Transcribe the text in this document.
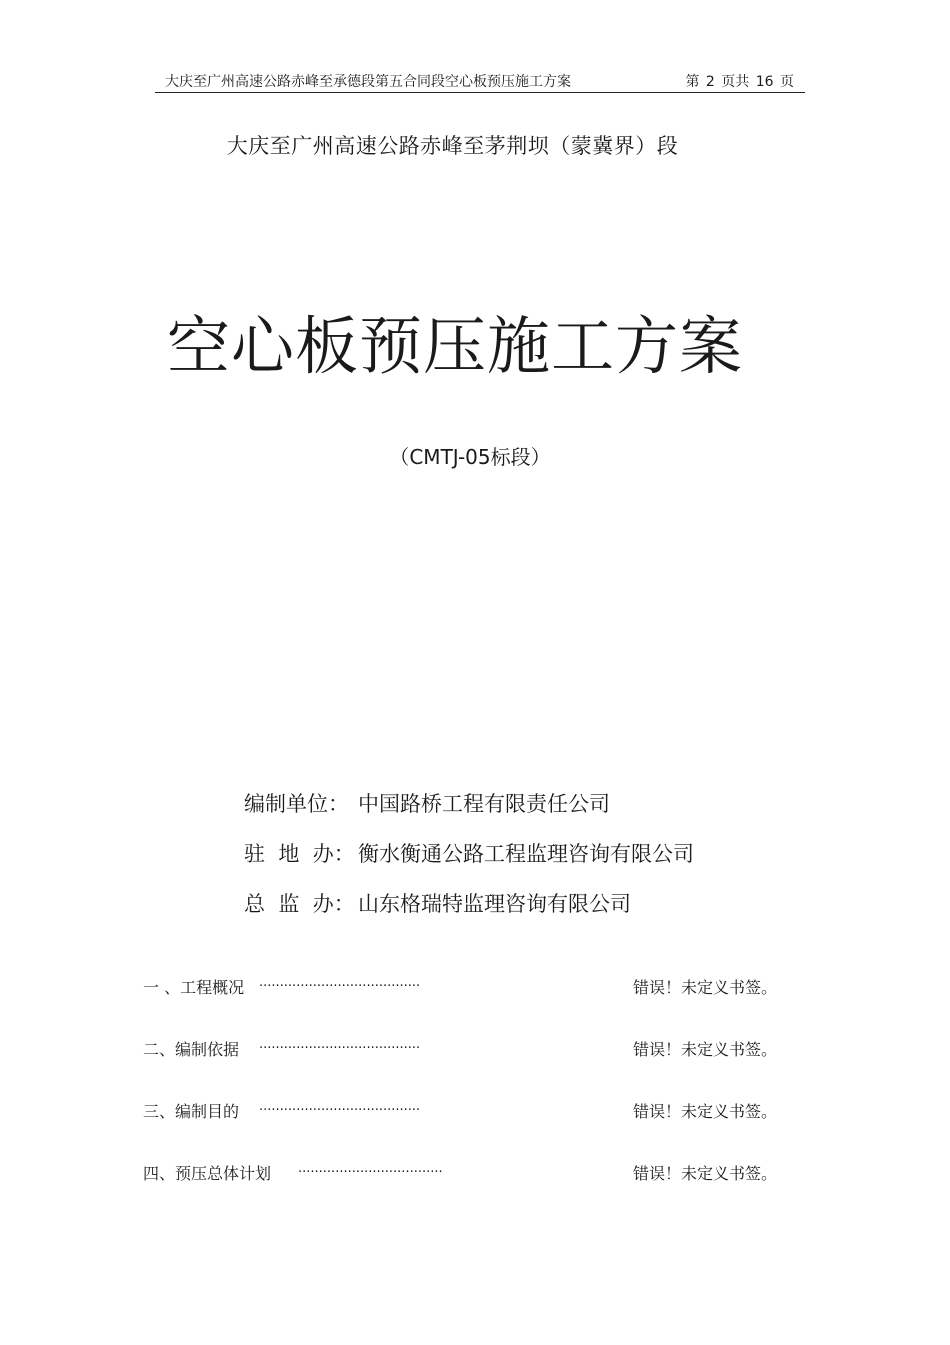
大庆至广州高速公路赤峰至承德段第五合同段空心板预压施工方案	第 2 页共 16 页
大庆至广州高速公路赤峰至茅荆坝（蒙冀界）段
空心板预压施工方案
（CMTJ-05标段）
编制单位： 中国路桥工程有限责任公司
驻  地  办： 衡水衡通公路工程监理咨询有限公司
总  监  办： 山东格瑞特监理咨询有限公司
一 、工程概况 .......................................	错误！未定义书签。
二、编制依据 .......................................	错误！未定义书签。
三、编制目的 .......................................	错误！未定义书签。
四、预压总体计划 ...................................	错误！未定义书签。
